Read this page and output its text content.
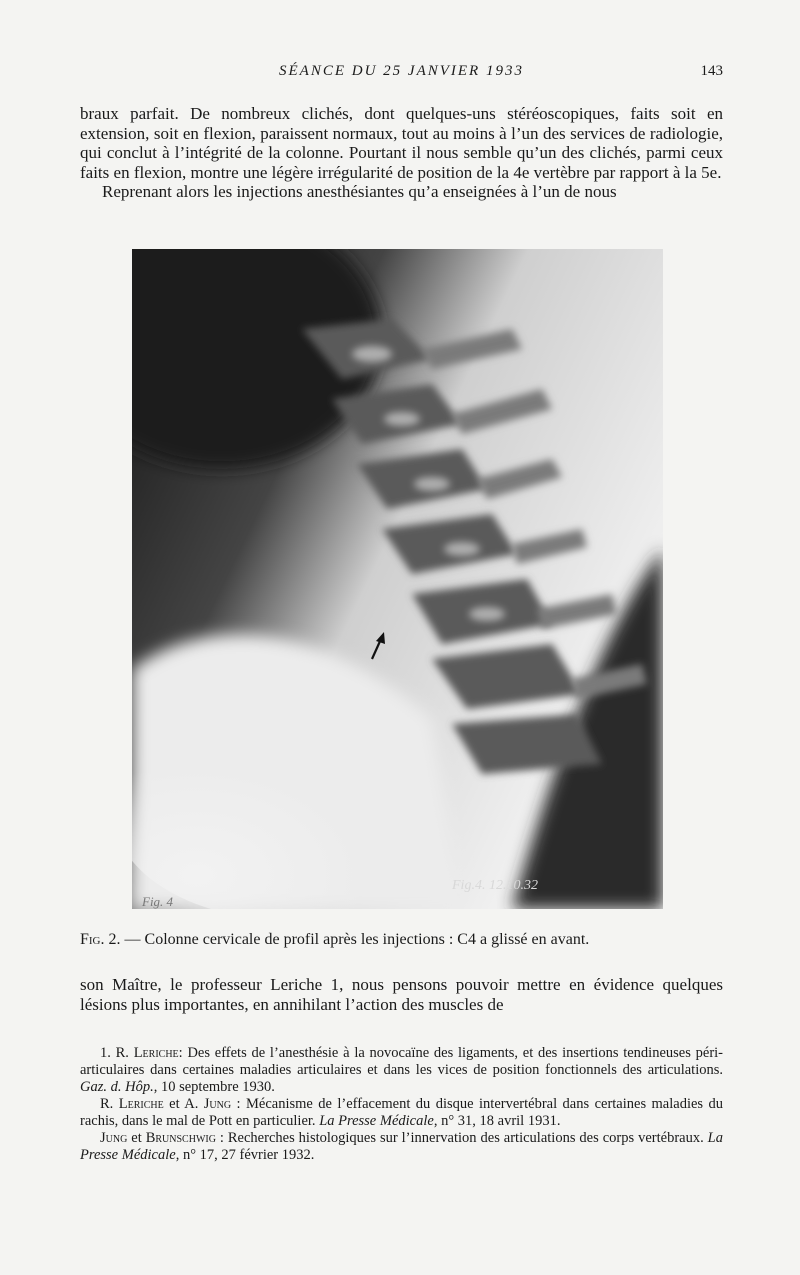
SÉANCE DU 25 JANVIER 1933	143

braux parfait. De nombreux clichés, dont quelques-uns stéréoscopiques, faits soit en extension, soit en flexion, paraissent normaux, tout au moins à l’un des services de radiologie, qui conclut à l’intégrité de la colonne. Pourtant il nous semble qu’un des clichés, parmi ceux faits en flexion, montre une légère irrégularité de position de la 4e vertèbre par rapport à la 5e.

Reprenant alors les injections anesthésiantes qu’a enseignées à l’un de nous

Fig. 4
Fig.4. 12.10.32
Fig. 2. — Colonne cervicale de profil après les injections : C4 a glissé en avant.

son Maître, le professeur Leriche 1, nous pensons pouvoir mettre en évidence quelques lésions plus importantes, en annihilant l’action des muscles de

1. R. Leriche: Des effets de l’anesthésie à la novocaïne des ligaments, et des insertions tendineuses péri-articulaires dans certaines maladies articulaires et dans les vices de position fonctionnels des articulations. Gaz. d. Hôp., 10 septembre 1930.

R. Leriche et A. Jung : Mécanisme de l’effacement du disque intervertébral dans certaines maladies du rachis, dans le mal de Pott en particulier. La Presse Médicale, n° 31, 18 avril 1931.

Jung et Brunschwig : Recherches histologiques sur l’innervation des articulations des corps vertébraux. La Presse Médicale, n° 17, 27 février 1932.
